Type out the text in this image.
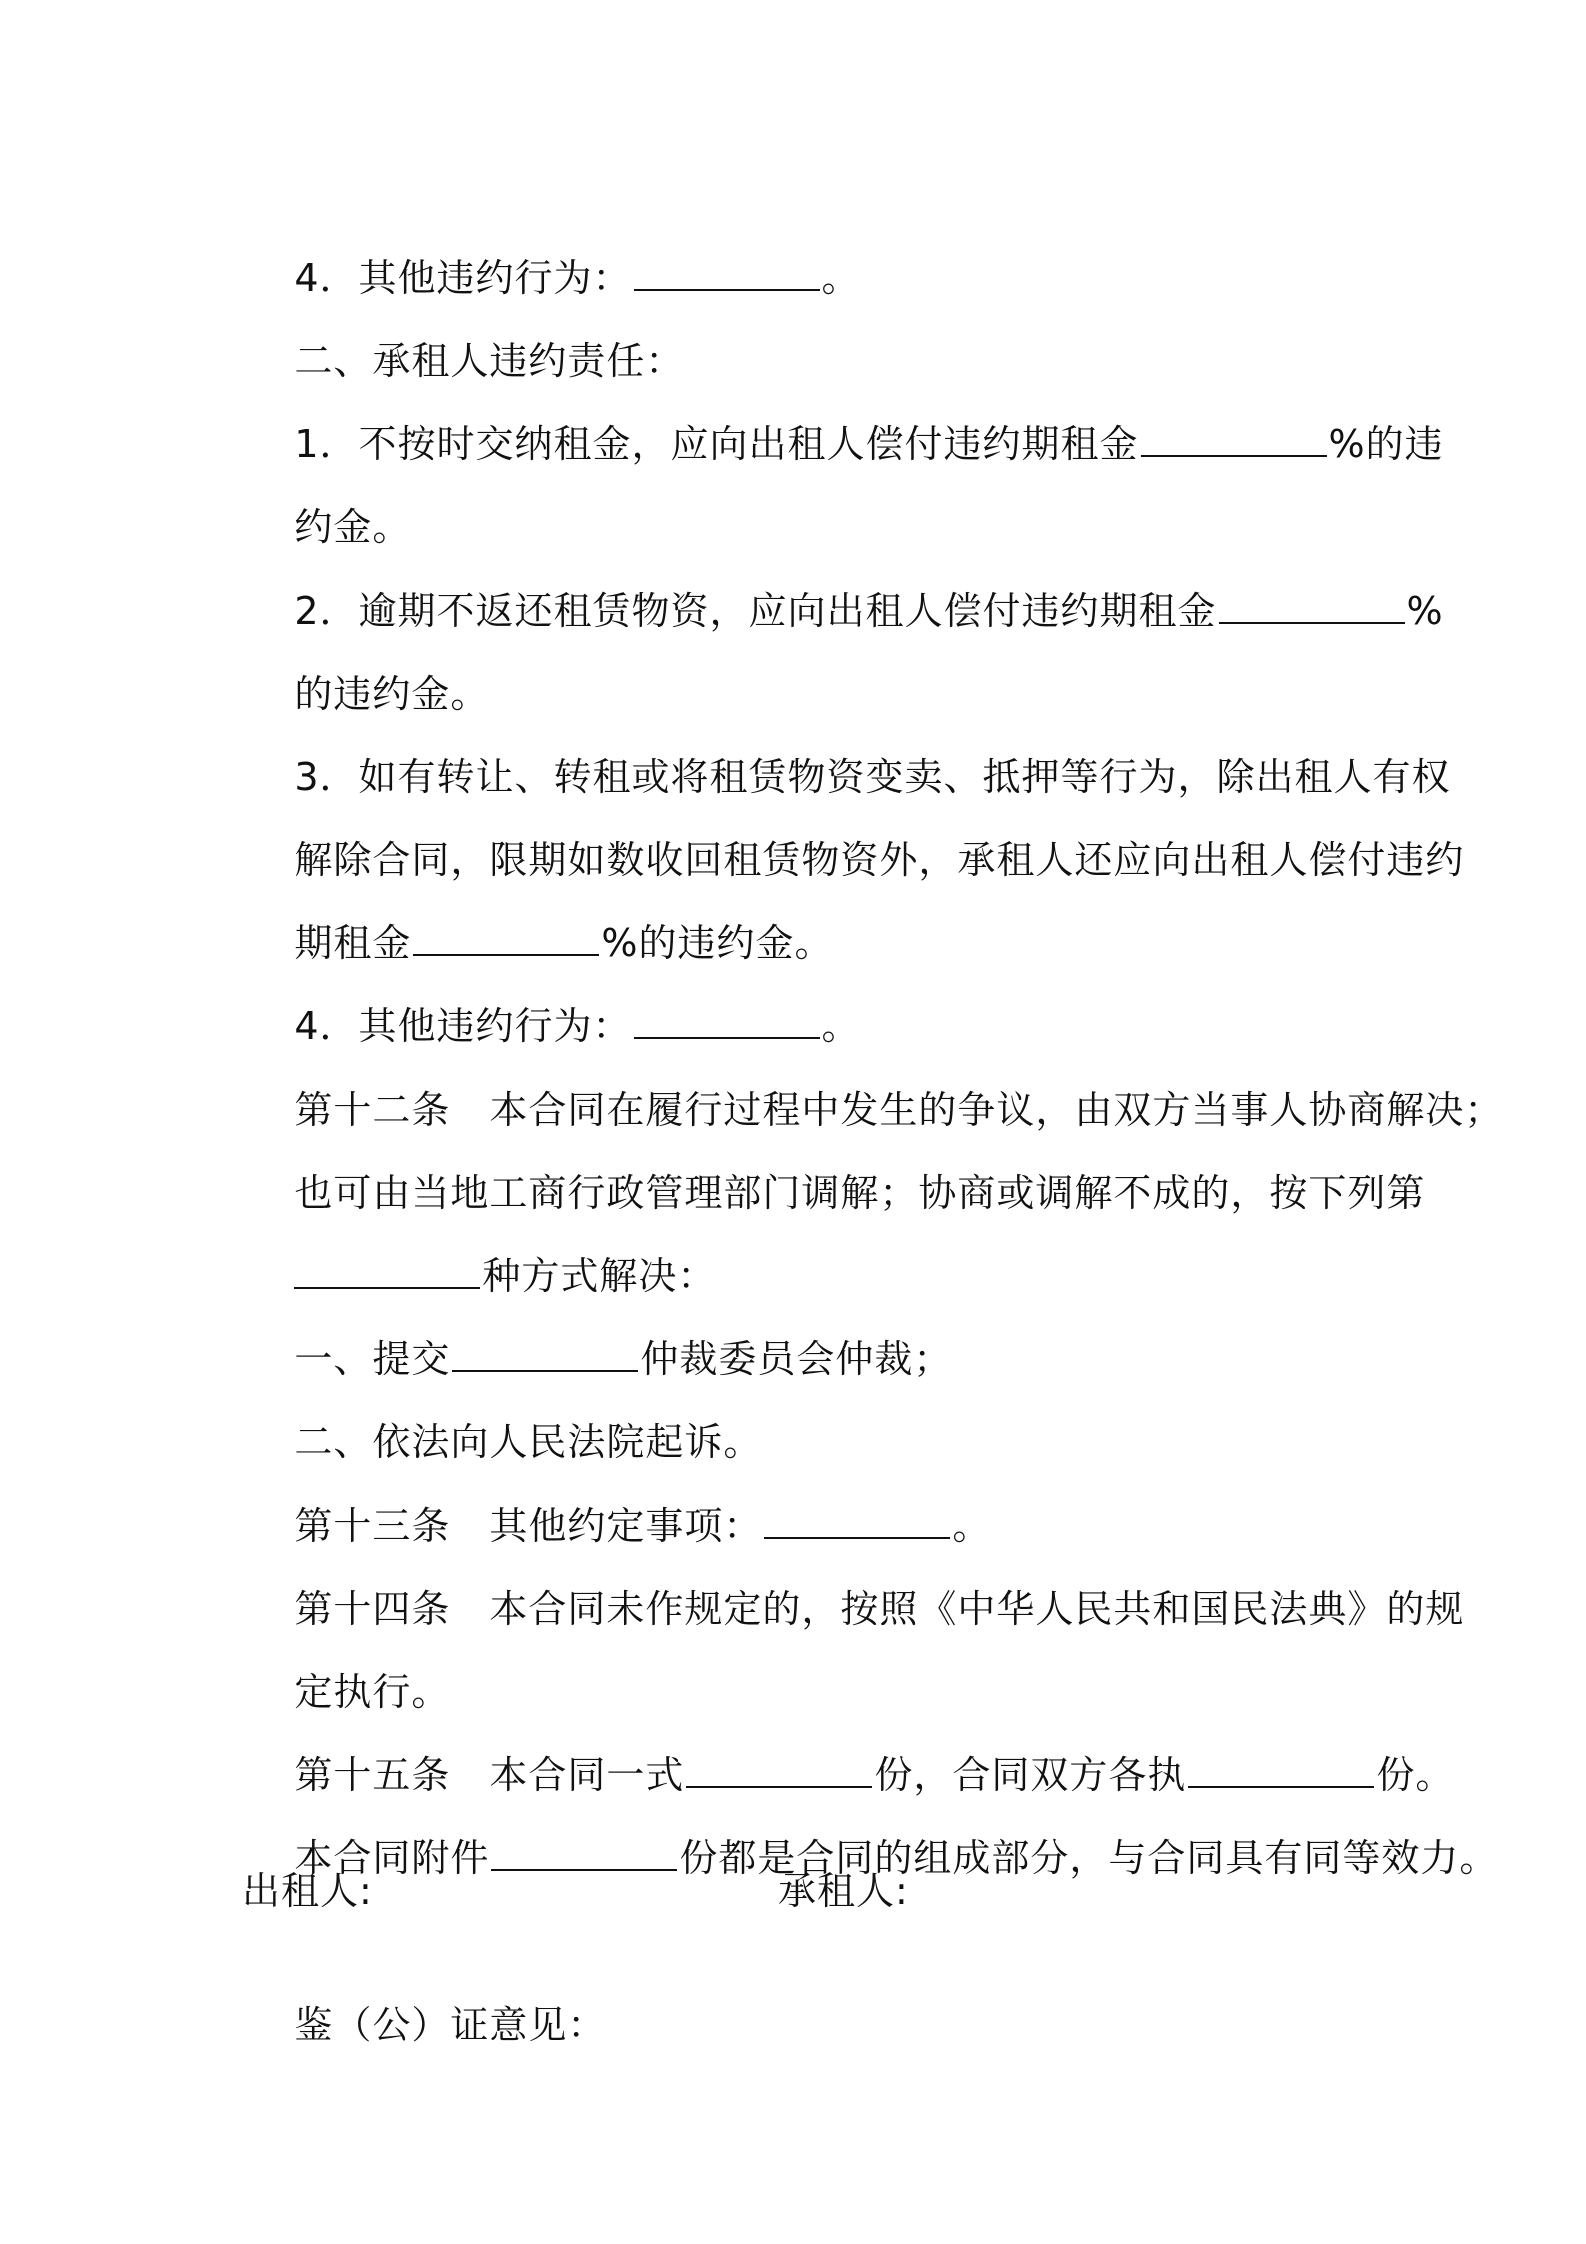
4．其他违约行为：	。

二、承租人违约责任：

1．不按时交纳租金，应向出租人偿付违约期租金	%的违

约金。

2．逾期不返还租赁物资，应向出租人偿付违约期租金	%

的违约金。

3．如有转让、转租或将租赁物资变卖、抵押等行为，除出租人有权

解除合同，限期如数收回租赁物资外，承租人还应向出租人偿付违约

期租金	%的违约金。

4．其他违约行为：	。

第十二条　本合同在履行过程中发生的争议，由双方当事人协商解决；

也可由当地工商行政管理部门调解；协商或调解不成的，按下列第

种方式解决：

一、提交	仲裁委员会仲裁；

二、依法向人民法院起诉。

第十三条　其他约定事项：	。

第十四条　本合同未作规定的，按照《中华人民共和国民法典》的规

定执行。

第十五条　本合同一式	份，合同双方各执	份。

本合同附件	份都是合同的组成部分，与合同具有同等效力。

出租人:	承租人:

鉴（公）证意见：
